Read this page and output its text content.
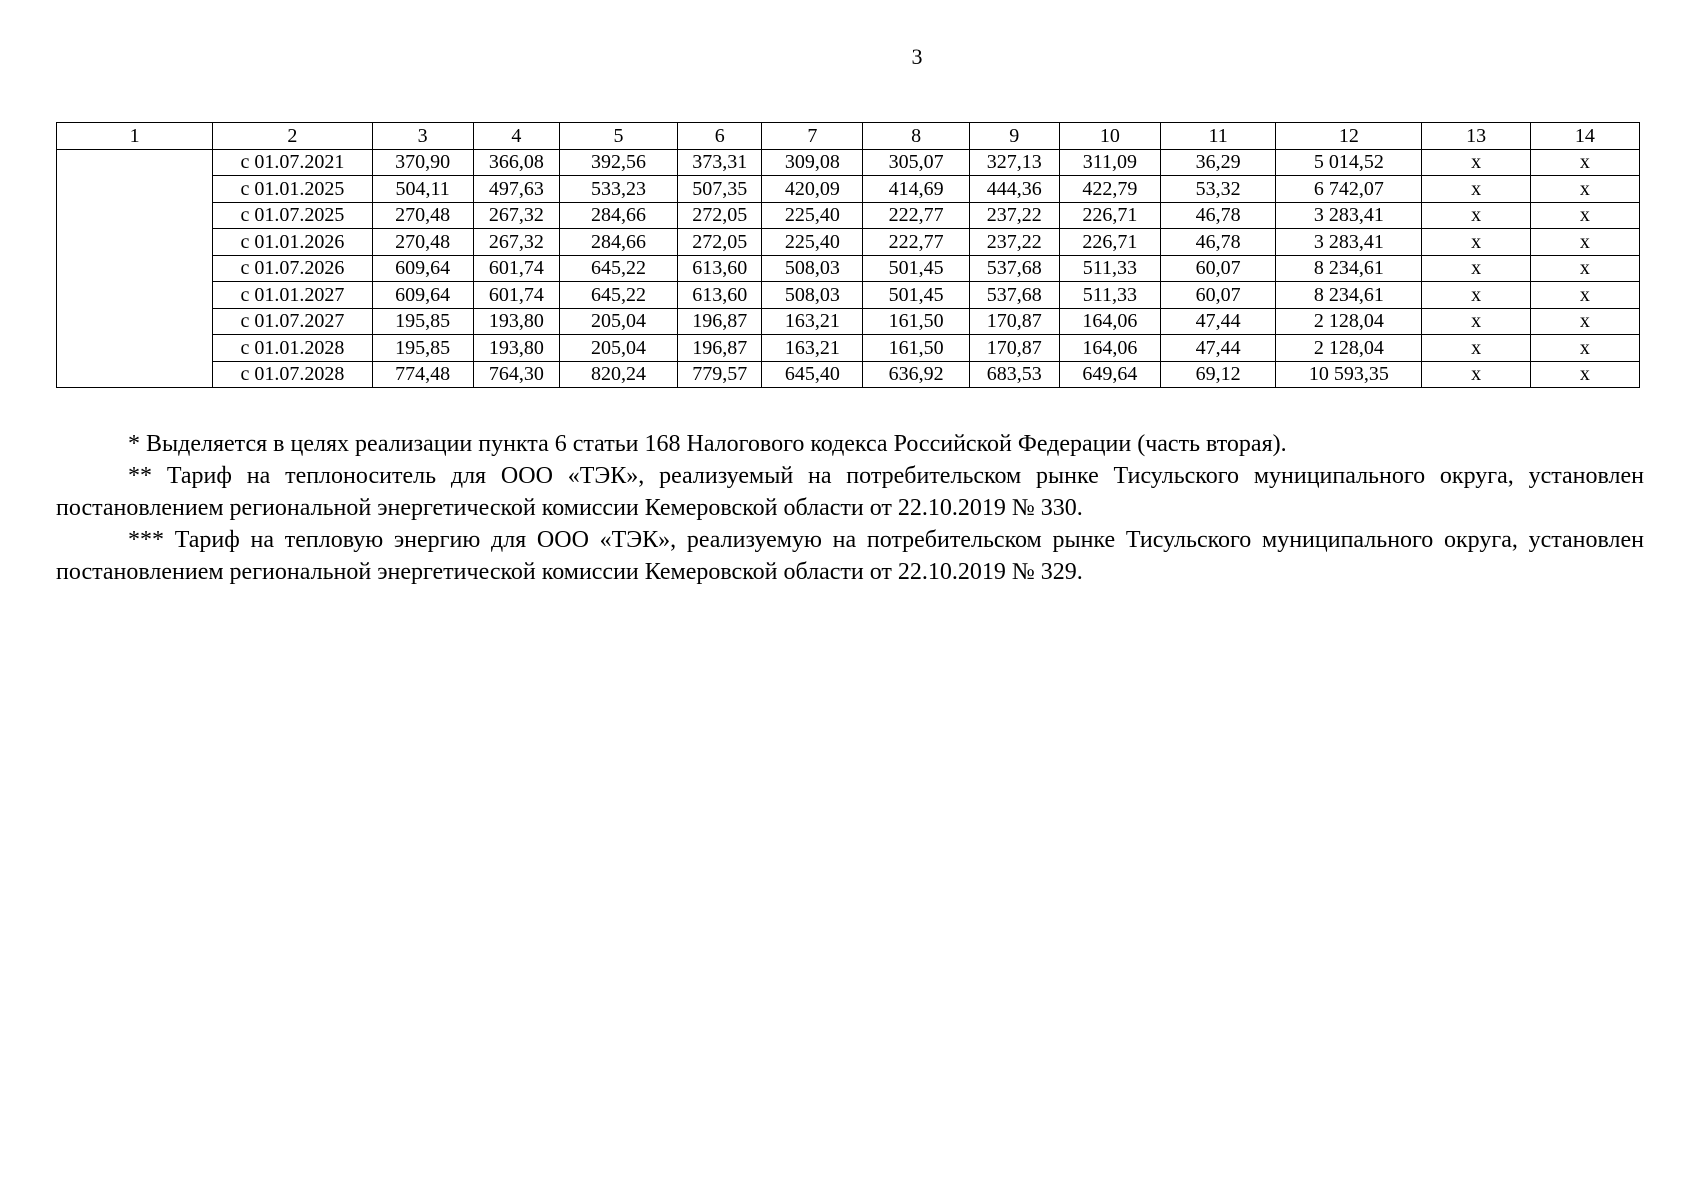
3
1	2	3	4	5	6	7	8	9	10	11	12	13	14
	с 01.07.2021	370,90	366,08	392,56	373,31	309,08	305,07	327,13	311,09	36,29	5 014,52	х	х
	с 01.01.2025	504,11	497,63	533,23	507,35	420,09	414,69	444,36	422,79	53,32	6 742,07	х	х
	с 01.07.2025	270,48	267,32	284,66	272,05	225,40	222,77	237,22	226,71	46,78	3 283,41	х	х
	с 01.01.2026	270,48	267,32	284,66	272,05	225,40	222,77	237,22	226,71	46,78	3 283,41	х	х
	с 01.07.2026	609,64	601,74	645,22	613,60	508,03	501,45	537,68	511,33	60,07	8 234,61	х	х
	с 01.01.2027	609,64	601,74	645,22	613,60	508,03	501,45	537,68	511,33	60,07	8 234,61	х	х
	с 01.07.2027	195,85	193,80	205,04	196,87	163,21	161,50	170,87	164,06	47,44	2 128,04	х	х
	с 01.01.2028	195,85	193,80	205,04	196,87	163,21	161,50	170,87	164,06	47,44	2 128,04	х	х
	с 01.07.2028	774,48	764,30	820,24	779,57	645,40	636,92	683,53	649,64	69,12	10 593,35	х	х

* Выделяется в целях реализации пункта 6 статьи 168 Налогового кодекса Российской Федерации (часть вторая).

** Тариф на теплоноситель для ООО «ТЭК», реализуемый на потребительском рынке Тисульского муниципального округа, установлен постановлением региональной энергетической комиссии Кемеровской области от 22.10.2019 № 330.

*** Тариф на тепловую энергию для ООО «ТЭК», реализуемую на потребительском рынке Тисульского муниципального округа, установлен постановлением региональной энергетической комиссии Кемеровской области от 22.10.2019 № 329.
